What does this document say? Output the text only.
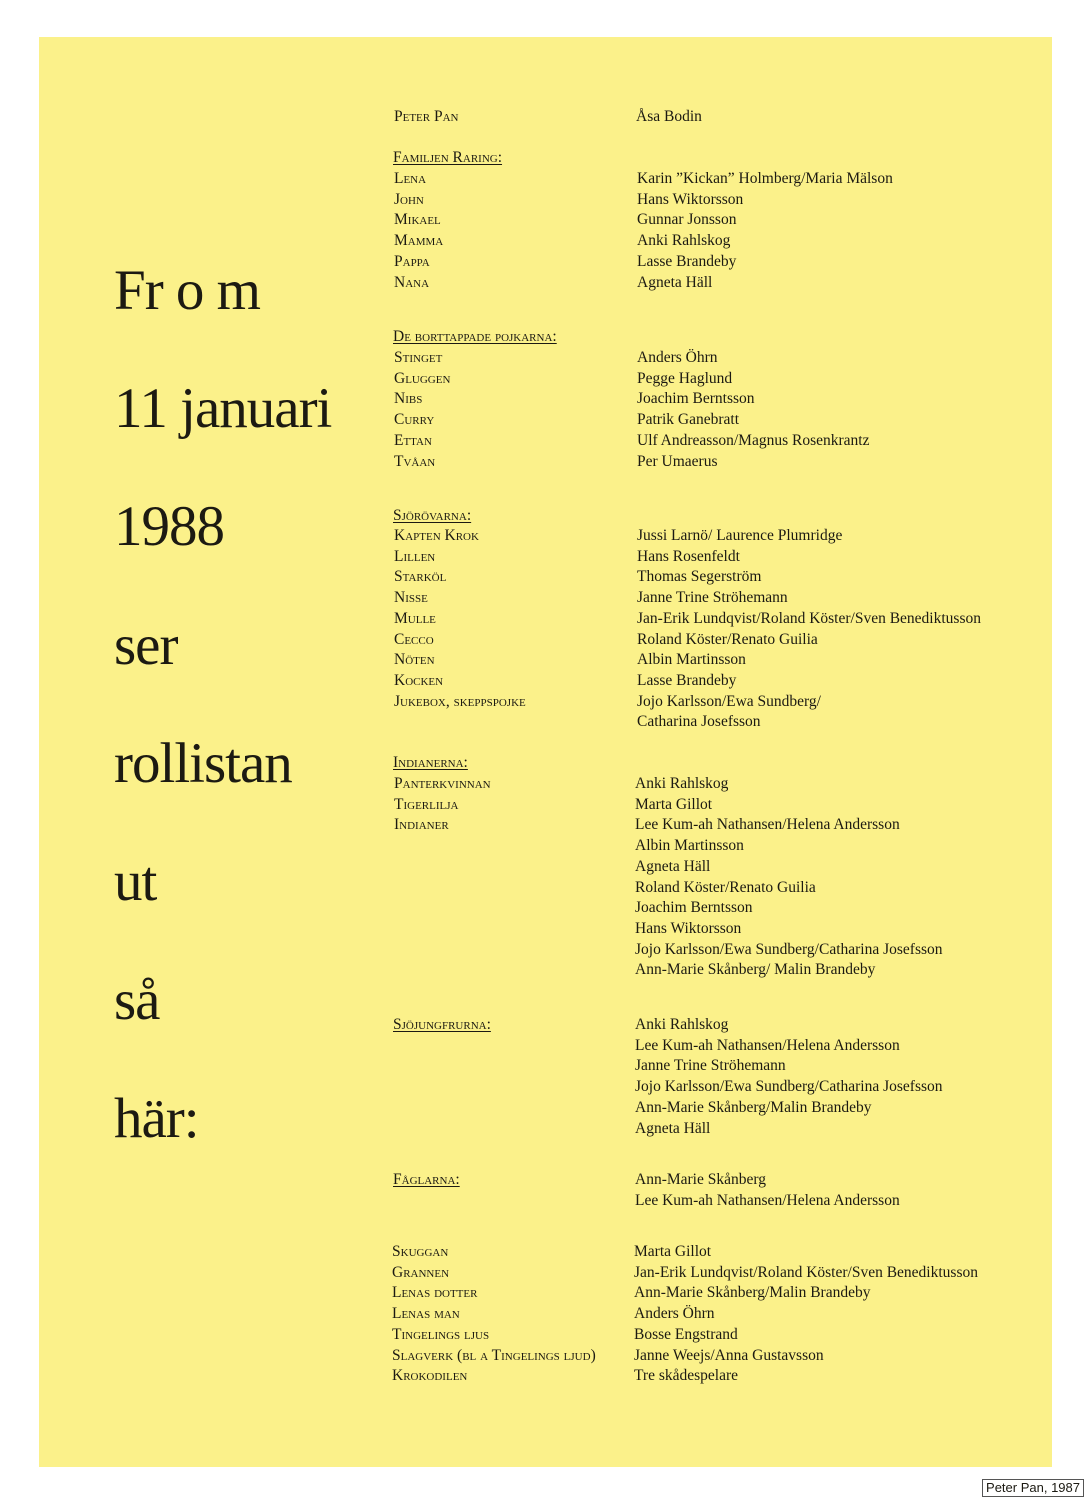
Fr o m
11 januari
1988
ser
rollistan
ut
så
här:
Peter Pan	Åsa Bodin
Familjen Raring:
Lena	Karin ”Kickan” Holmberg/Maria Mälson
John	Hans Wiktorsson
Mikael	Gunnar Jonsson
Mamma	Anki Rahlskog
Pappa	Lasse Brandeby
Nana	Agneta Häll
De borttappade pojkarna:
Stinget	Anders Öhrn
Gluggen	Pegge Haglund
Nibs	Joachim Berntsson
Curry	Patrik Ganebratt
Ettan	Ulf Andreasson/Magnus Rosenkrantz
Tvåan	Per Umaerus
Sjörövarna:
Kapten Krok	Jussi Larnö/ Laurence Plumridge
Lillen	Hans Rosenfeldt
Starköl	Thomas Segerström
Nisse	Janne Trine Ströhemann
Mulle	Jan-Erik Lundqvist/Roland Köster/Sven Benediktusson
Cecco	Roland Köster/Renato Guilia
Nöten	Albin Martinsson
Kocken	Lasse Brandeby
Jukebox, skeppspojke	Jojo Karlsson/Ewa Sundberg/
Catharina Josefsson
Indianerna:
Panterkvinnan	Anki Rahlskog
Tigerlilja	Marta Gillot
Indianer	Lee Kum-ah Nathansen/Helena Andersson
Albin Martinsson
Agneta Häll
Roland Köster/Renato Guilia
Joachim Berntsson
Hans Wiktorsson
Jojo Karlsson/Ewa Sundberg/Catharina Josefsson
Ann-Marie Skånberg/ Malin Brandeby
Sjöjungfrurna:	Anki Rahlskog
Lee Kum-ah Nathansen/Helena Andersson
Janne Trine Ströhemann
Jojo Karlsson/Ewa Sundberg/Catharina Josefsson
Ann-Marie Skånberg/Malin Brandeby
Agneta Häll
Fåglarna:	Ann-Marie Skånberg
Lee Kum-ah Nathansen/Helena Andersson
Skuggan	Marta Gillot
Grannen	Jan-Erik Lundqvist/Roland Köster/Sven Benediktusson
Lenas dotter	Ann-Marie Skånberg/Malin Brandeby
Lenas man	Anders Öhrn
Tingelings ljus	Bosse Engstrand
Slagverk (bl a Tingelings ljud) Janne Weejs/Anna Gustavsson
Krokodilen	Tre skådespelare
Peter Pan, 1987
